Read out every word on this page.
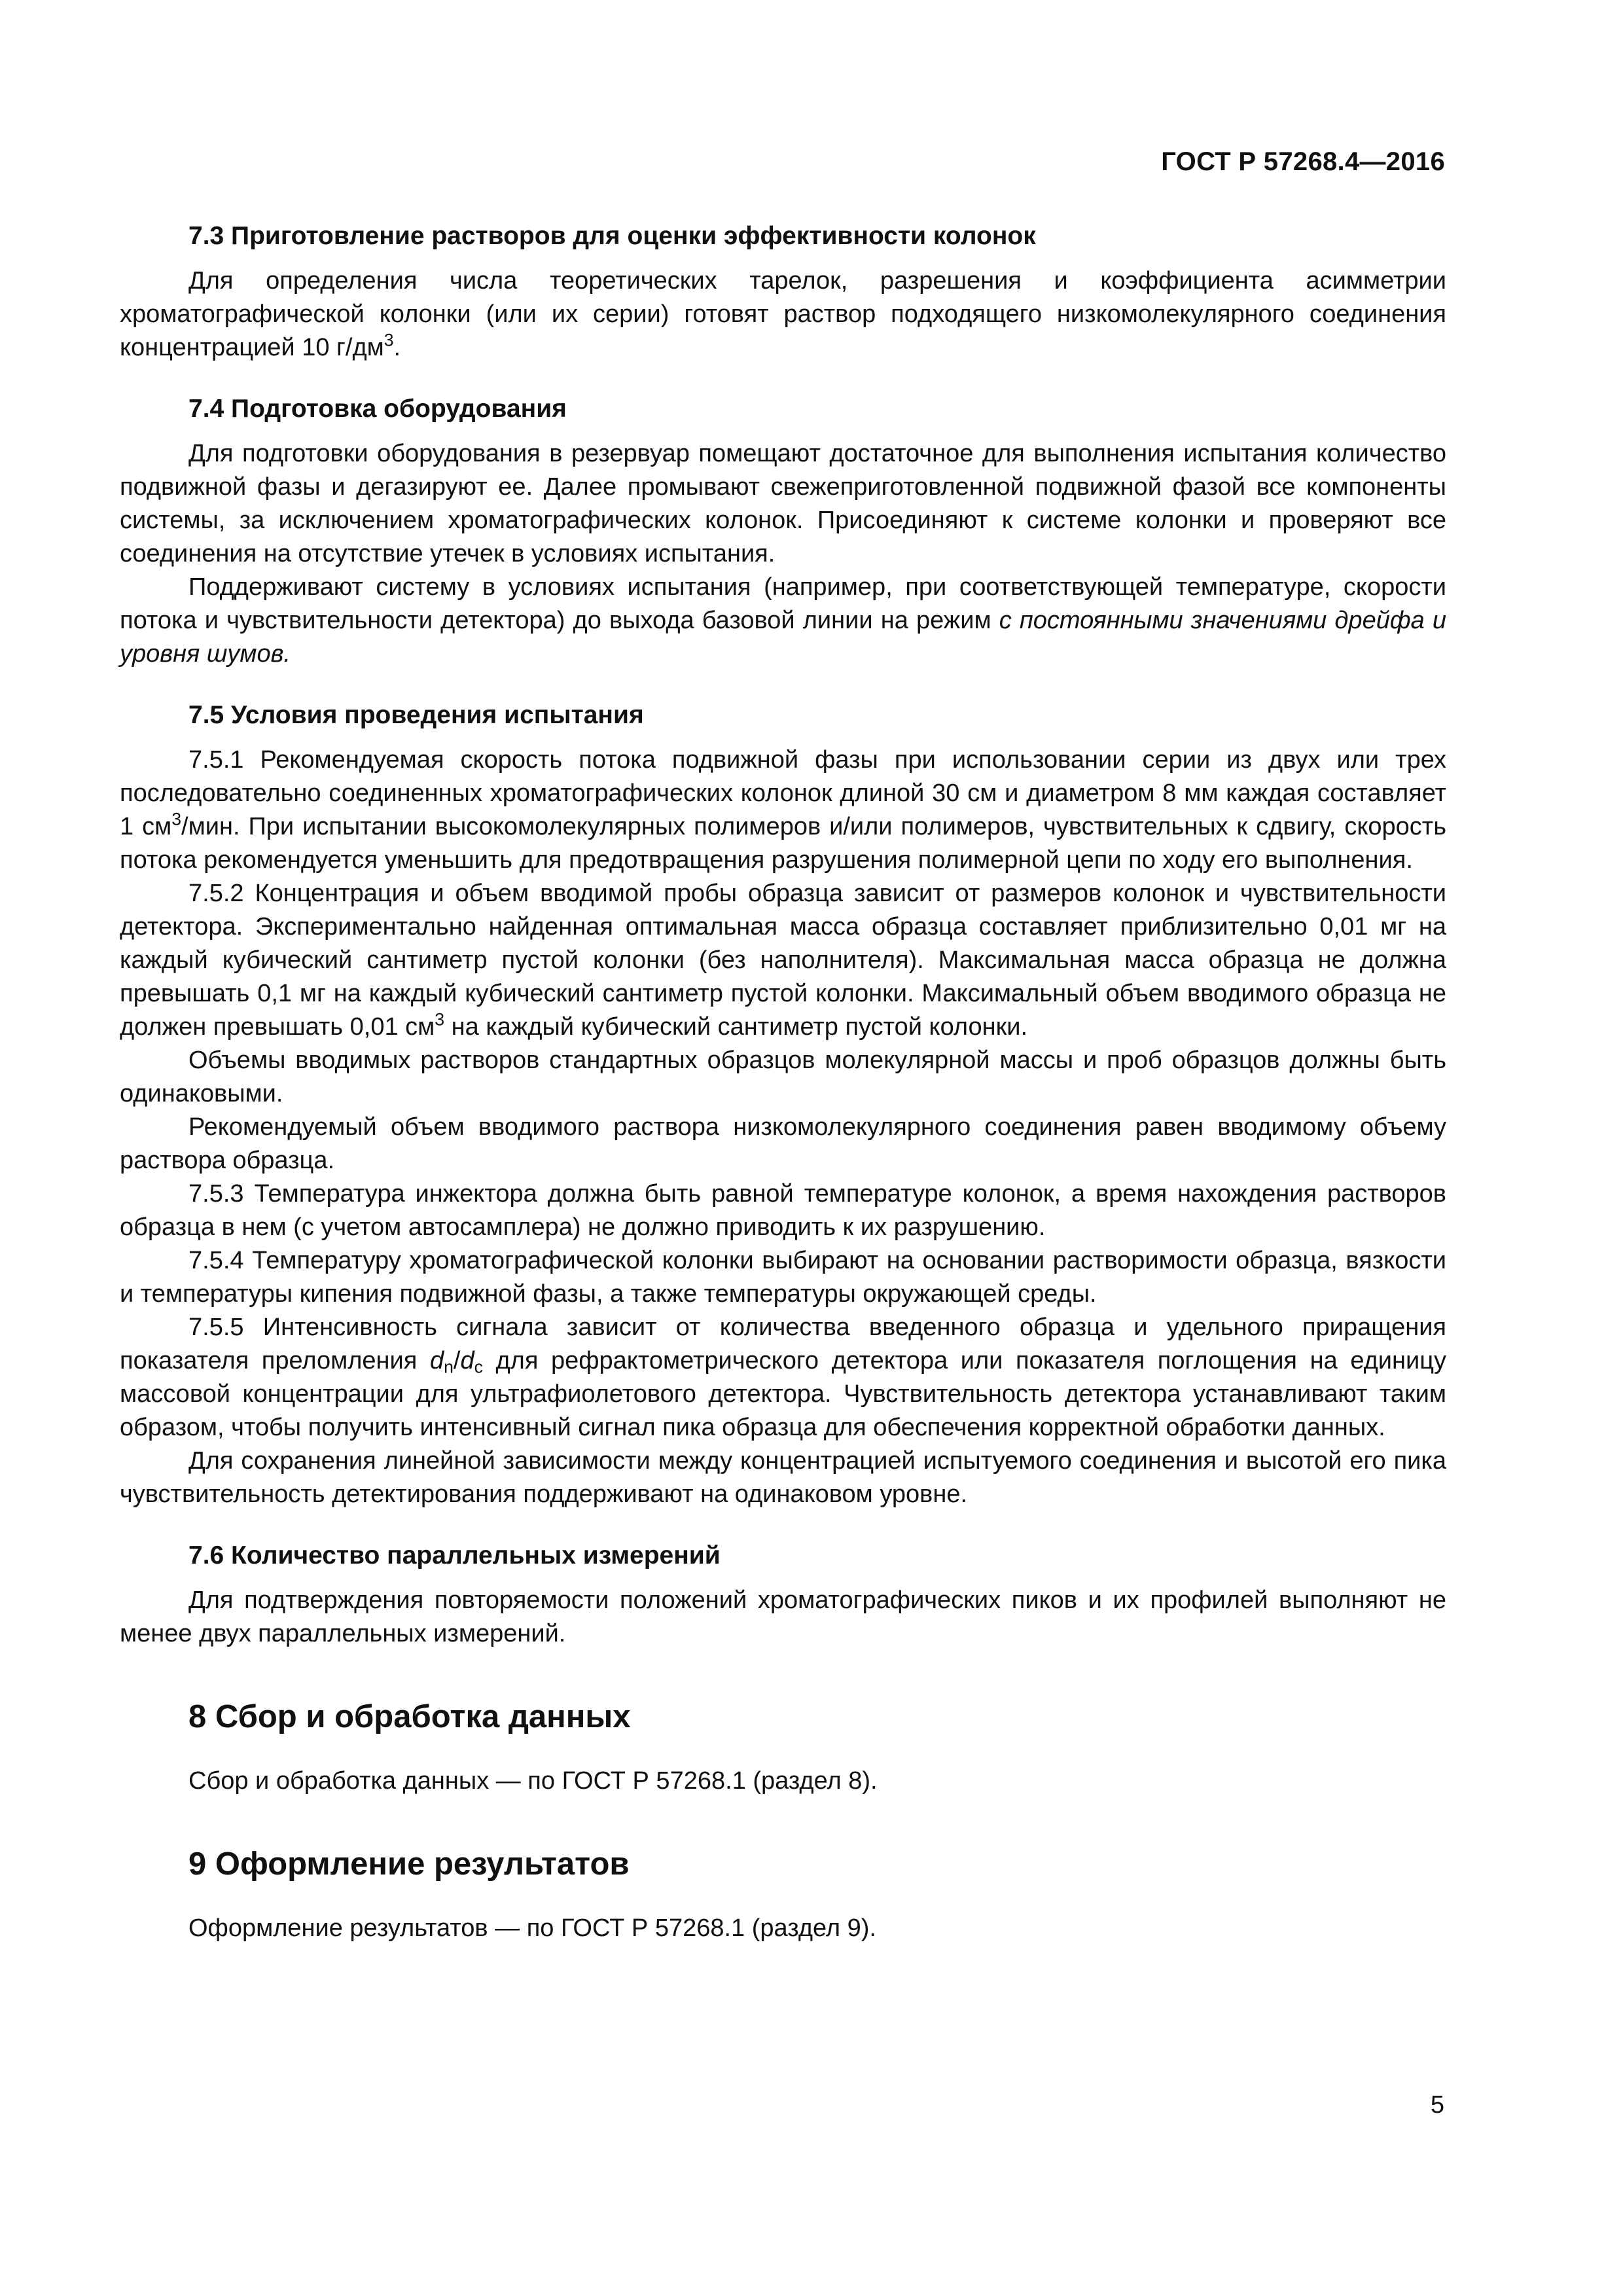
ГОСТ Р 57268.4—2016
7.3 Приготовление растворов для оценки эффективности колонок

Для определения числа теоретических тарелок, разрешения и коэффициента асимметрии хроматографической колонки (или их серии) готовят раствор подходящего низкомолекулярного соединения концентрацией 10 $г/дм^3$.

7.4 Подготовка оборудования

Для подготовки оборудования в резервуар помещают достаточное для выполнения испытания количество подвижной фазы и дегазируют ее. Далее промывают свежеприготовленной подвижной фазой все компоненты системы, за исключением хроматографических колонок. Присоединяют к системе колонки и проверяют все соединения на отсутствие утечек в условиях испытания.

Поддерживают систему в условиях испытания (например, при соответствующей температуре, скорости потока и чувствительности детектора) до выхода базовой линии на режим с постоянными значениями дрейфа и уровня шумов.

7.5 Условия проведения испытания

7.5.1 Рекомендуемая скорость потока подвижной фазы при использовании серии из двух или трех последовательно соединенных хроматографических колонок длиной 30 см и диаметром 8 мм каждая составляет 1 $см^3$/мин. При испытании высокомолекулярных полимеров и/или полимеров, чувствительных к сдвигу, скорость потока рекомендуется уменьшить для предотвращения разрушения полимерной цепи по ходу его выполнения.

7.5.2 Концентрация и объем вводимой пробы образца зависит от размеров колонок и чувствительности детектора. Экспериментально найденная оптимальная масса образца составляет приблизительно 0,01 мг на каждый кубический сантиметр пустой колонки (без наполнителя). Максимальная масса образца не должна превышать 0,1 мг на каждый кубический сантиметр пустой колонки. Максимальный объем вводимого образца не должен превышать 0,01 $см^3$ на каждый кубический сантиметр пустой колонки.

Объемы вводимых растворов стандартных образцов молекулярной массы и проб образцов должны быть одинаковыми.

Рекомендуемый объем вводимого раствора низкомолекулярного соединения равен вводимому объему раствора образца.

7.5.3 Температура инжектора должна быть равной температуре колонок, а время нахождения растворов образца в нем (с учетом автосамплера) не должно приводить к их разрушению.

7.5.4 Температуру хроматографической колонки выбирают на основании растворимости образца, вязкости и температуры кипения подвижной фазы, а также температуры окружающей среды.

7.5.5 Интенсивность сигнала зависит от количества введенного образца и удельного приращения показателя преломления $d_n/d_c$ для рефрактометрического детектора или показателя поглощения на единицу массовой концентрации для ультрафиолетового детектора. Чувствительность детектора устанавливают таким образом, чтобы получить интенсивный сигнал пика образца для обеспечения корректной обработки данных.

Для сохранения линейной зависимости между концентрацией испытуемого соединения и высотой его пика чувствительность детектирования поддерживают на одинаковом уровне.

7.6 Количество параллельных измерений

Для подтверждения повторяемости положений хроматографических пиков и их профилей выполняют не менее двух параллельных измерений.

8 Сбор и обработка данных

Сбор и обработка данных — по ГОСТ Р 57268.1 (раздел 8).

9 Оформление результатов

Оформление результатов — по ГОСТ Р 57268.1 (раздел 9).

5
